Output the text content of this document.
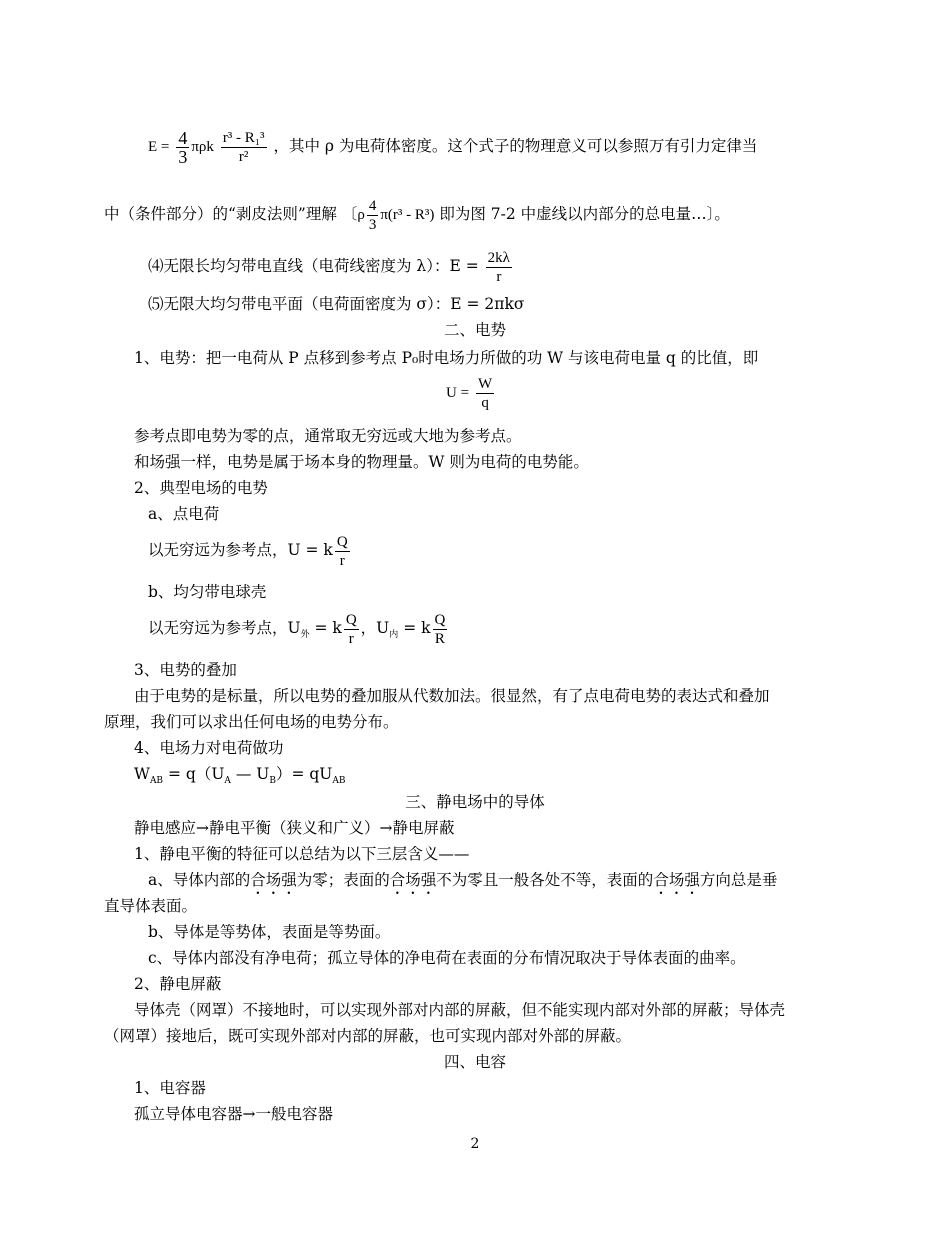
$E = \frac{4}{3}$ πρk $\frac{\text{r³ - R₁³}}{\text{r²}}$ ，其中 ρ 为电荷体密度。这个式子的物理意义可以参照万有引力定律当
中（条件部分）的“剥皮法则”理解 〔ρ $\frac{4}{3} \pi(r^3 - R^3)$ 即为图 7-2 中虚线以内部分的总电量…〕。
⑷无限长均匀带电直线（电荷线密度为 λ）：$E = \frac{2k\lambda}{r}$
⑸无限大均匀带电平面（电荷面密度为 σ）：E = 2πkσ
二、电势
1、电势：把一电荷从 P 点移到参考点 P₀时电场力所做的功 W 与该电荷电量 q 的比值，即
$U = \frac{W}{q}$
参考点即电势为零的点，通常取无穷远或大地为参考点。
和场强一样，电势是属于场本身的物理量。W 则为电荷的电势能。
2、典型电场的电势
a、点电荷
以无穷远为参考点，U = k $\frac{Q}{r}$
b、均匀带电球壳
以无穷远为参考点，$U_外 = k \frac{Q}{r}$ ，$U_内 = k \frac{Q}{R}$
3、电势的叠加
由于电势的是标量，所以电势的叠加服从代数加法。很显然，有了点电荷电势的表达式和叠加
原理，我们可以求出任何电场的电势分布。
4、电场力对电荷做功
$W_{AB} = q(U_A$ — $U_B)= qU_{AB}$
三、静电场中的导体
静电感应→静电平衡（狭义和广义）→静电屏蔽
1、静电平衡的特征可以总结为以下三层含义——
a、导体内部的合场强为零；表面的合场强不为零且一般各处不等，表面的合场强方向总是垂
直导体表面。
b、导体是等势体，表面是等势面。
c、导体内部没有净电荷；孤立导体的净电荷在表面的分布情况取决于导体表面的曲率。
2、静电屏蔽
导体壳（网罩）不接地时，可以实现外部对内部的屏蔽，但不能实现内部对外部的屏蔽；导体壳
（网罩）接地后，既可实现外部对内部的屏蔽，也可实现内部对外部的屏蔽。
四、电容
1、电容器
孤立导体电容器→一般电容器
2
